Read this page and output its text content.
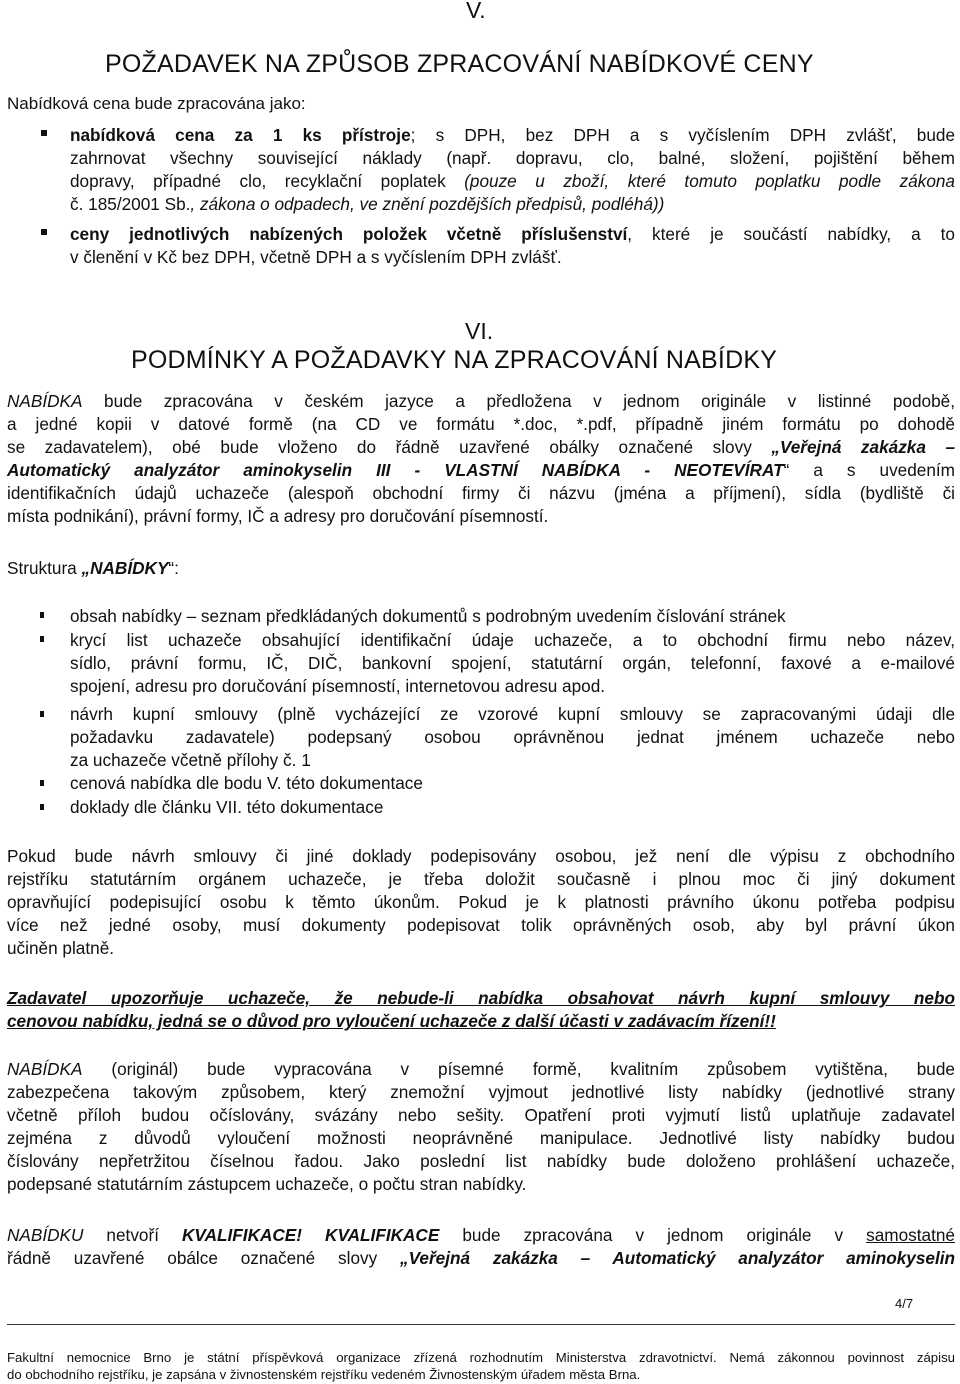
V.
POŽADAVEK NA ZPŮSOB ZPRACOVÁNÍ NABÍDKOVÉ CENY
Nabídková cena bude zpracována jako:
nabídková cena za 1 ks přístroje; s DPH, bez DPH a s vyčíslením DPH zvlášť, bude
zahrnovat všechny související náklady (např. dopravu, clo, balné, složení, pojištění během
dopravy, případné clo, recyklační poplatek (pouze u zboží, které tomuto poplatku podle zákona
č. 185/2001 Sb., zákona o odpadech, ve znění pozdějších předpisů, podléhá))
ceny jednotlivých nabízených položek včetně příslušenství, které je součástí nabídky, a to
v členění v Kč bez DPH, včetně DPH a s vyčíslením DPH zvlášť.
VI.
PODMÍNKY A POŽADAVKY NA ZPRACOVÁNÍ NABÍDKY
NABÍDKA bude zpracována v českém jazyce a předložena v jednom originále v listinné podobě,
a jedné kopii v datové formě (na CD ve formátu *.doc, *.pdf, případně jiném formátu po dohodě
se zadavatelem), obé bude vloženo do řádně uzavřené obálky označené slovy „Veřejná zakázka –
Automatický analyzátor aminokyselin III - VLASTNÍ NABÍDKA - NEOTEVÍRAT“ a s uvedením
identifikačních údajů uchazeče (alespoň obchodní firmy či názvu (jména a příjmení), sídla (bydliště či
místa podnikání), právní formy, IČ a adresy pro doručování písemností.
Struktura „NABÍDKY“:
obsah nabídky – seznam předkládaných dokumentů s podrobným uvedením číslování stránek
krycí list uchazeče obsahující identifikační údaje uchazeče, a to obchodní firmu nebo název,
sídlo, právní formu, IČ, DIČ, bankovní spojení, statutární orgán, telefonní, faxové a e-mailové
spojení, adresu pro doručování písemností, internetovou adresu apod.
návrh kupní smlouvy (plně vycházející ze vzorové kupní smlouvy se zapracovanými údaji dle
požadavku zadavatele) podepsaný osobou oprávněnou jednat jménem uchazeče nebo
za uchazeče včetně přílohy č. 1
cenová nabídka dle bodu V. této dokumentace
doklady dle článku VII. této dokumentace
Pokud bude návrh smlouvy či jiné doklady podepisovány osobou, jež není dle výpisu z obchodního
rejstříku statutárním orgánem uchazeče, je třeba doložit současně i plnou moc či jiný dokument
opravňující podepisující osobu k těmto úkonům. Pokud je k platnosti právního úkonu potřeba podpisu
více než jedné osoby, musí dokumenty podepisovat tolik oprávněných osob, aby byl právní úkon
učiněn platně.
Zadavatel upozorňuje uchazeče, že nebude-li nabídka obsahovat návrh kupní smlouvy nebo
cenovou nabídku, jedná se o důvod pro vyloučení uchazeče z další účasti v zadávacím řízení!!
NABÍDKA (originál) bude vypracována v písemné formě, kvalitním způsobem vytištěna, bude
zabezpečena takovým způsobem, který znemožní vyjmout jednotlivé listy nabídky (jednotlivé strany
včetně příloh budou očíslovány, svázány nebo sešity. Opatření proti vyjmutí listů uplatňuje zadavatel
zejména z důvodů vyloučení možnosti neoprávněné manipulace. Jednotlivé listy nabídky budou
číslovány nepřetržitou číselnou řadou. Jako poslední list nabídky bude doloženo prohlášení uchazeče,
podepsané statutárním zástupcem uchazeče, o počtu stran nabídky.
NABÍDKU netvoří KVALIFIKACE! KVALIFIKACE bude zpracována v jednom originále v samostatné
řádně uzavřené obálce označené slovy „Veřejná zakázka – Automatický analyzátor aminokyselin
4/7
Fakultní nemocnice Brno je státní příspěvková organizace zřízená rozhodnutím Ministerstva zdravotnictví. Nemá zákonnou povinnost zápisu
do obchodního rejstříku, je zapsána v živnostenském rejstříku vedeném Živnostenským úřadem města Brna.
